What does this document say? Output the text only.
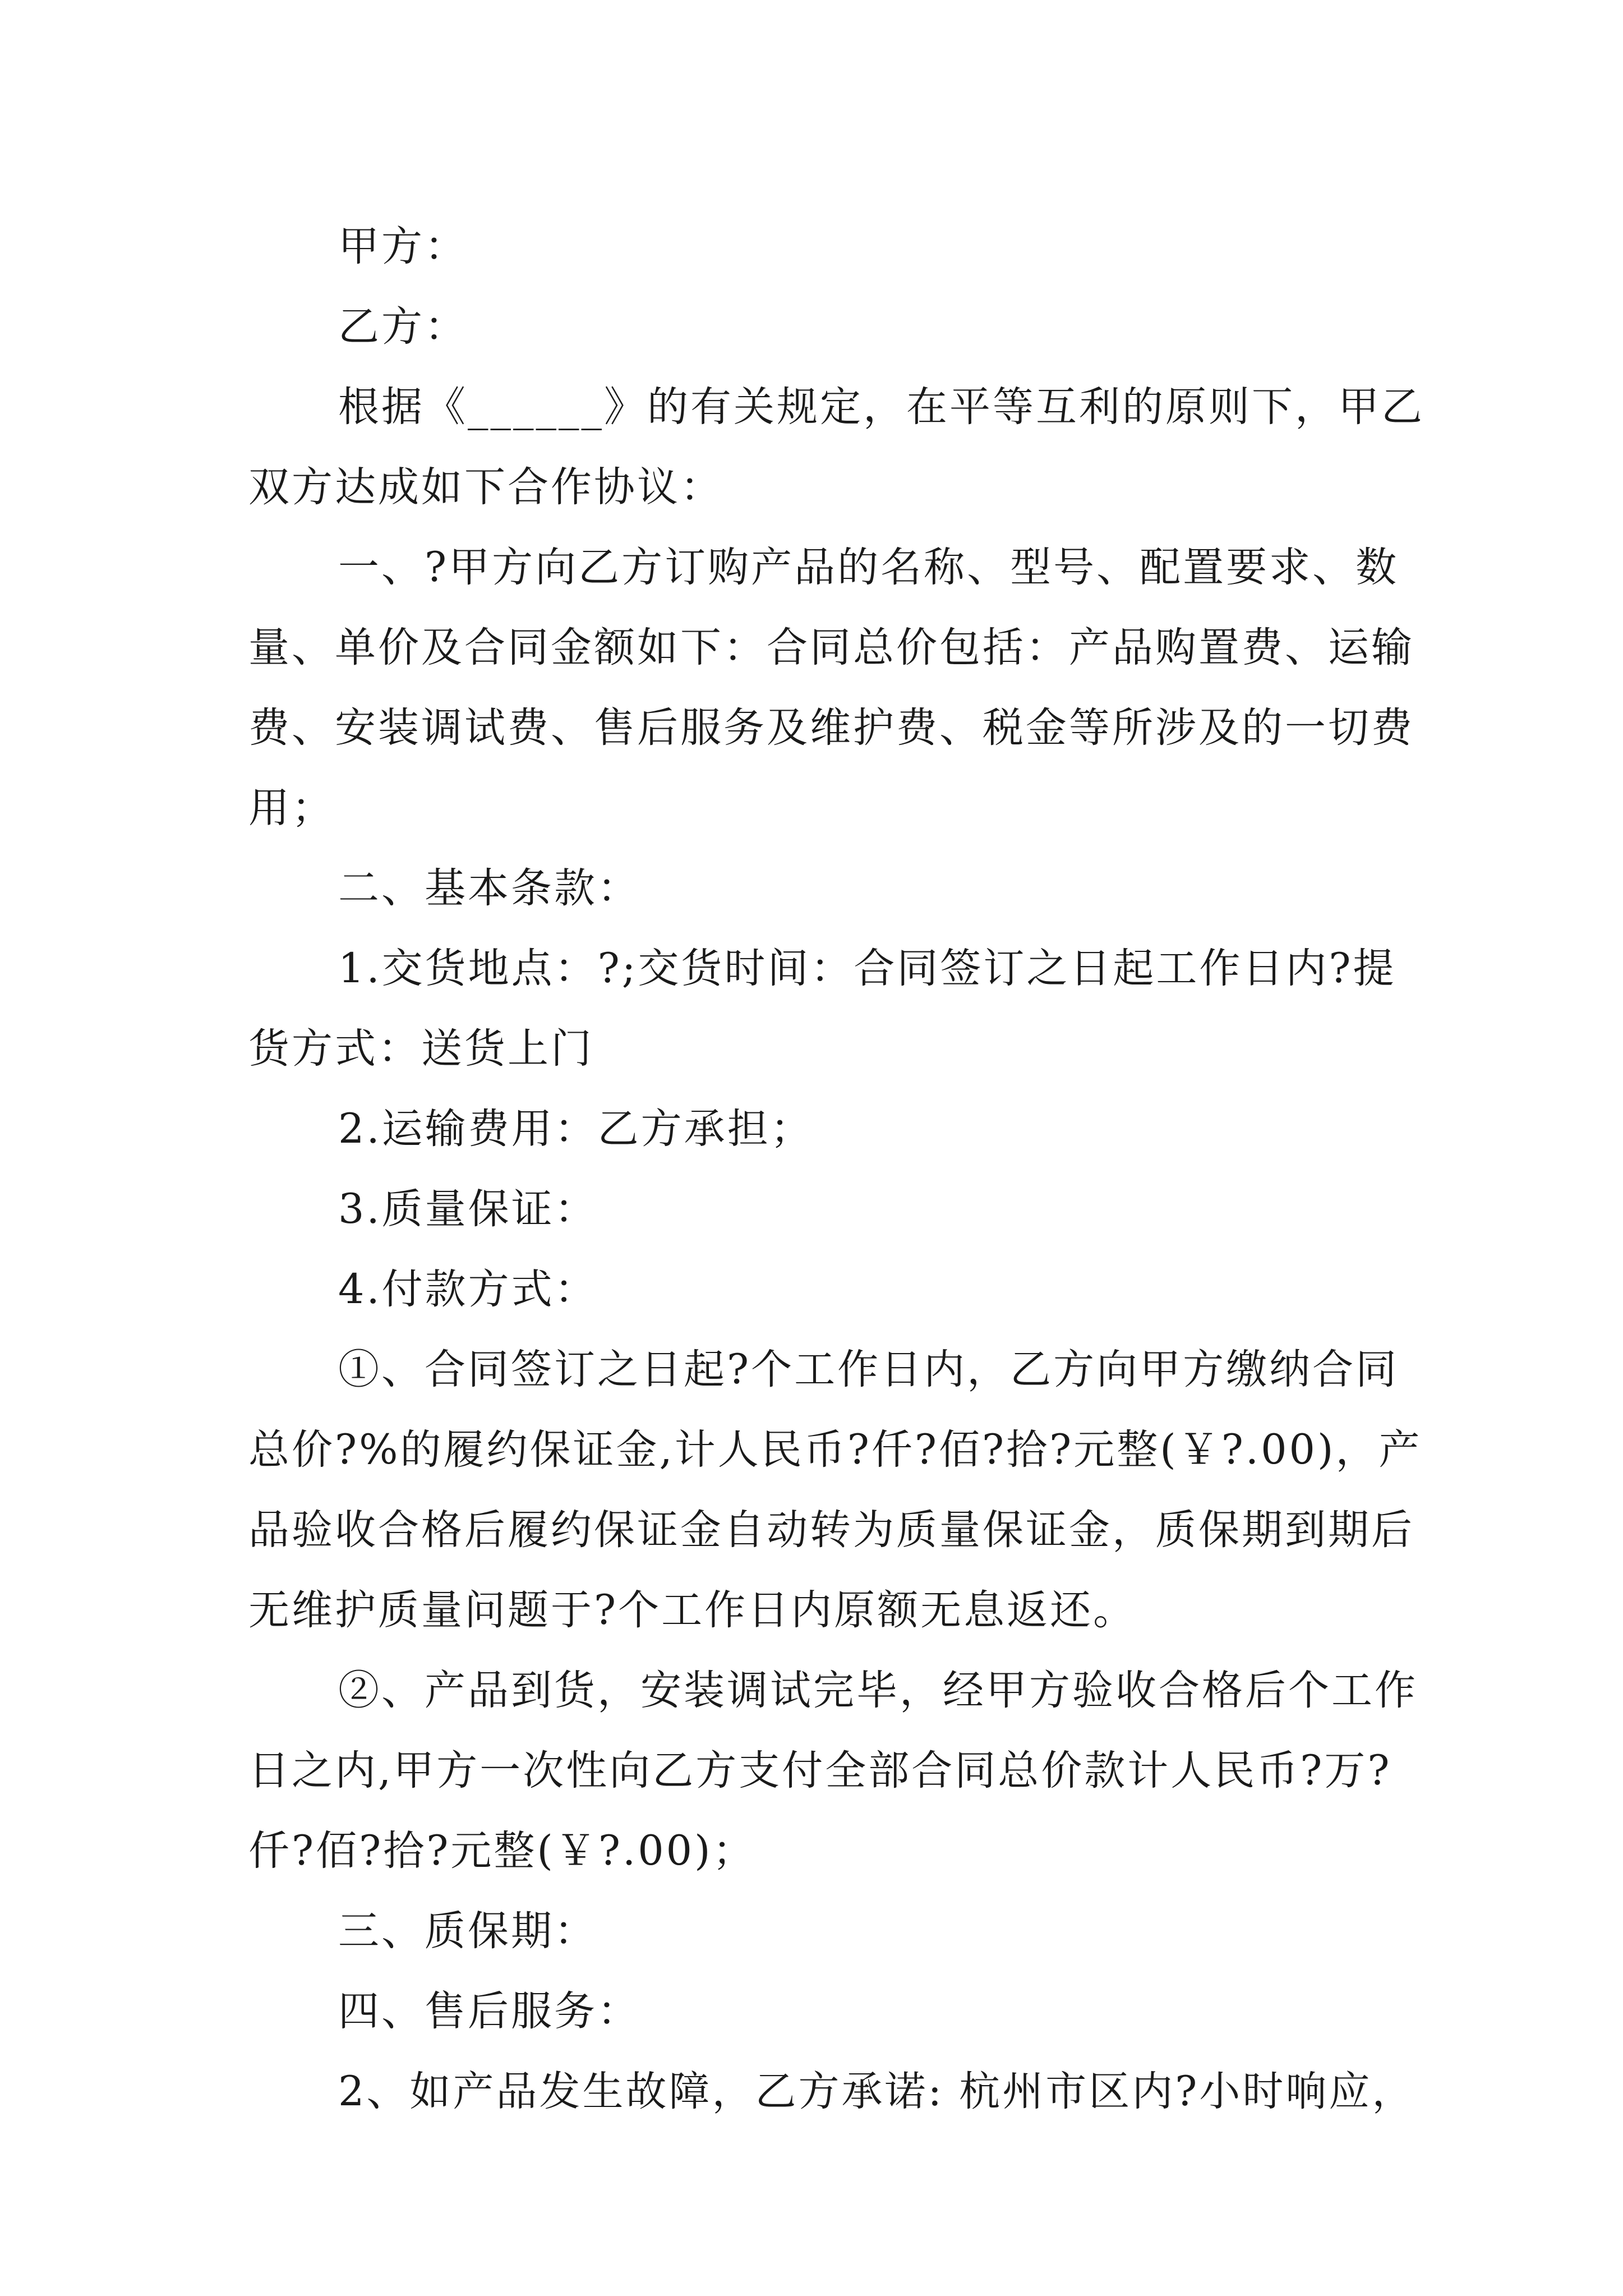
甲方：

乙方：

根据《______》的有关规定，在平等互利的原则下，甲乙双方达成如下合作协议：

一、?甲方向乙方订购产品的名称、型号、配置要求、数量、单价及合同金额如下：合同总价包括：产品购置费、运输费、安装调试费、售后服务及维护费、税金等所涉及的一切费用；

二、基本条款：

1.交货地点：?;交货时间：合同签订之日起工作日内?提货方式：送货上门

2.运输费用：乙方承担；

3.质量保证：

4.付款方式：

①、合同签订之日起?个工作日内，乙方向甲方缴纳合同总价?%的履约保证金,计人民币?仟?佰?拾?元整(￥?.00)，产品验收合格后履约保证金自动转为质量保证金，质保期到期后无维护质量问题于?个工作日内原额无息返还。

②、产品到货，安装调试完毕，经甲方验收合格后个工作日之内,甲方一次性向乙方支付全部合同总价款计人民币?万?仟?佰?拾?元整(￥?.00)；

三、质保期：

四、售后服务：

2、如产品发生故障，乙方承诺: 杭州市区内?小时响应，
